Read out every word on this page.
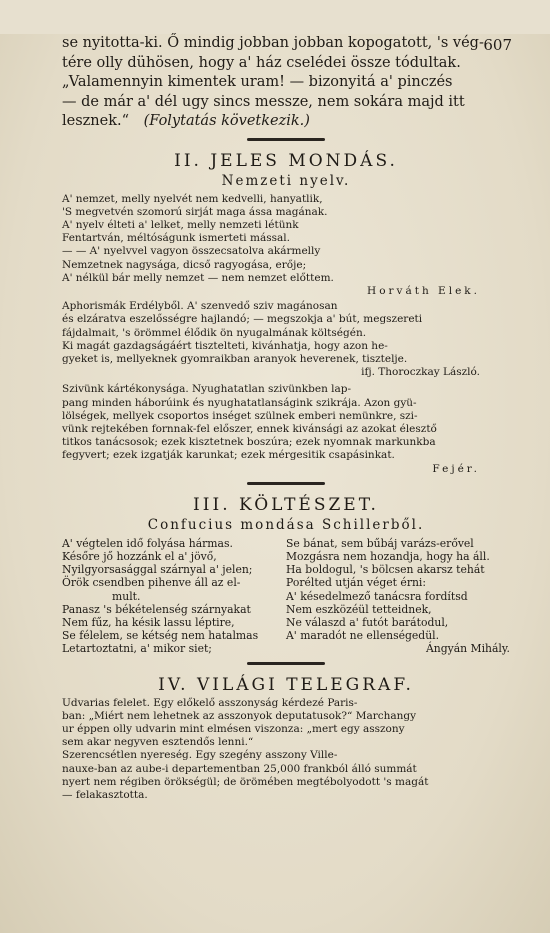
607

se nyitotta-ki. Ő mindig jobban jobban kopogatott, 's vég-

tére olly dühösen, hogy a' ház cselédei össze tódultak.

„Valamennyin kimentek uram! — bizonyitá a' pinczés

— de már a' dél ugy sincs messze, nem sokára majd itt

lesznek.“ (Folytatás következik.)

II. JELES MONDÁS.
Nemzeti nyelv.

A' nemzet, melly nyelvét nem kedvelli, hanyatlik,

'S megvetvén szomorú sirját maga ássa magának.

A' nyelv élteti a' lelket, melly nemzeti létünk

Fentartván, méltóságunk ismerteti mással.

— — A' nyelvvel vagyon összecsatolva akármelly

Nemzetnek nagysága, dicső ragyogása, erője;

A' nélkül bár melly nemzet — nem nemzet előttem.

Horváth Elek.

Aphorismák Erdélyből. A' szenvedő sziv magánosan

és elzáratva eszelősségre hajlandó; — megszokja a' bút, megszereti

fájdalmait, 's örömmel élődik ön nyugalmának költségén.

Ki magát gazdagságáért tisztelteti, kivánhatja, hogy azon he-

gyeket is, mellyeknek gyomraikban aranyok heverenek, tisztelje.

ifj. Thoroczkay László.

Szivünk kártékonysága. Nyughatatlan szivünkben lap-

pang minden háborúink és nyughatatlanságink szikrája. Azon gyü-

lölségek, mellyek csoportos inséget szülnek emberi nemünkre, szi-

vünk rejtekében fornnak-fel előszer, ennek kivánsági az azokat élesztő

titkos tanácsosok; ezek kisztetnek boszúra; ezek nyomnak markunkba

fegyvert; ezek izgatják karunkat; ezek mérgesitik csapásinkat.

Fejér.

III. KÖLTÉSZET.
Confucius mondása Schillerből.
A' végtelen idő folyása hármas.	Se bánat, sem bűbáj varázs-erővel
Későre jő hozzánk el a' jövő,	Mozgásra nem hozandja, hogy ha áll.
Nyilgyorsasággal szárnyal a' jelen;	Ha boldogul, 's bölcsen akarsz tehát
Örök csendben pihenve áll az el-	Porélted utján véget érni:
mult.	A' késedelmező tanácsra fordítsd
Panasz 's békételenség szárnyakat	Nem eszközéül tetteidnek,
Nem fűz, ha késik lassu léptire,	Ne válaszd a' futót barátodul,
Se félelem, se kétség nem hatalmas	A' maradót ne ellenségedül.
Letartoztatni, a' mikor siet;	Ángyán Mihály.
IV. VILÁGI TELEGRAF.

Udvarias felelet. Egy előkelő asszonyság kérdezé Paris-

ban: „Miért nem lehetnek az asszonyok deputatusok?“ Marchangy

ur éppen olly udvarin mint elmésen viszonza: „mert egy asszony

sem akar negyven esztendős lenni.“

Szerencsétlen nyereség. Egy szegény asszony Ville-

nauxe-ban az aube-i departementban 25,000 frankból álló summát

nyert nem régiben örökségül; de örömében megtébolyodott 's magát

— felakasztotta.
